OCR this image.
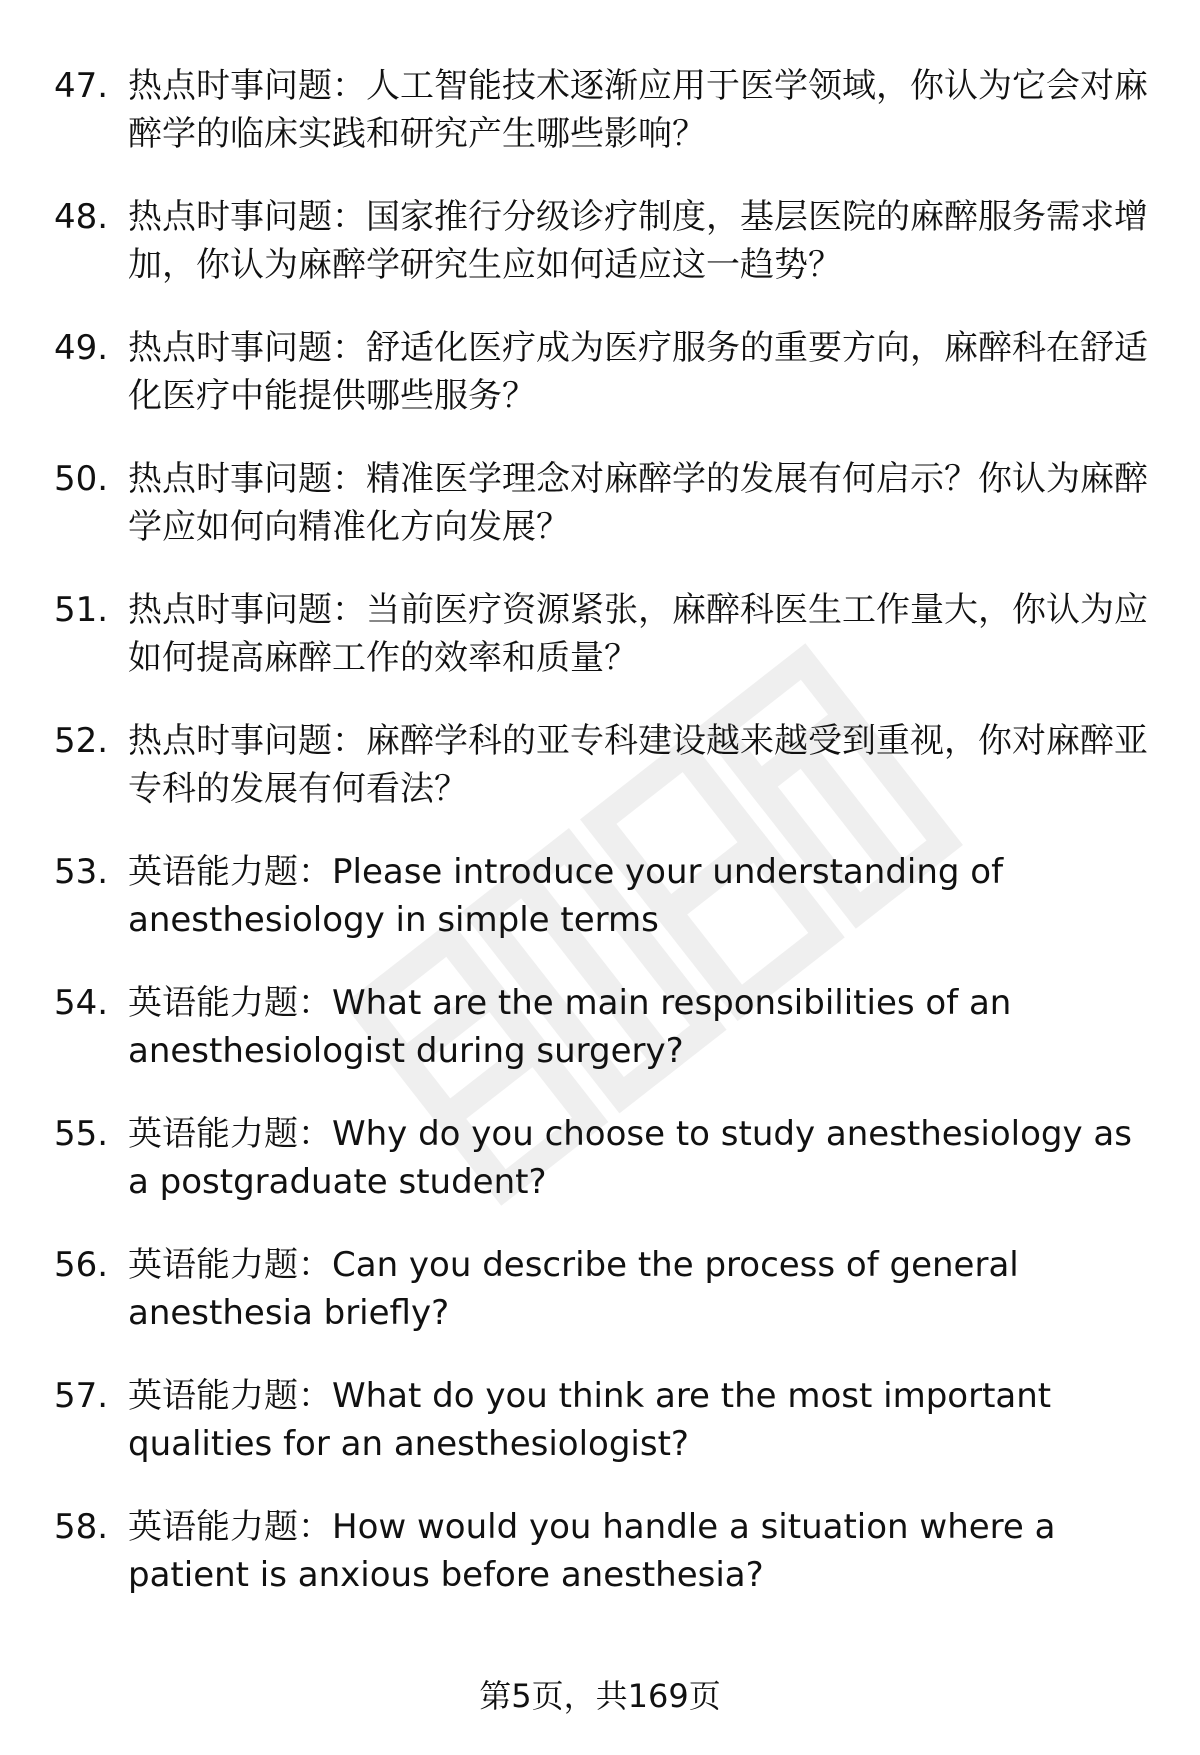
47. 热点时事问题：人工智能技术逐渐应用于医学领域，你认为它会对麻醉学的临床实践和研究产生哪些影响？
48. 热点时事问题：国家推行分级诊疗制度，基层医院的麻醉服务需求增加，你认为麻醉学研究生应如何适应这一趋势？
49. 热点时事问题：舒适化医疗成为医疗服务的重要方向，麻醉科在舒适化医疗中能提供哪些服务？
50. 热点时事问题：精准医学理念对麻醉学的发展有何启示？你认为麻醉学应如何向精准化方向发展？
51. 热点时事问题：当前医疗资源紧张，麻醉科医生工作量大，你认为应如何提高麻醉工作的效率和质量？
52. 热点时事问题：麻醉学科的亚专科建设越来越受到重视，你对麻醉亚专科的发展有何看法？
53. 英语能力题：Please introduce your understanding of anesthesiology in simple terms
54. 英语能力题：What are the main responsibilities of an anesthesiologist during surgery?
55. 英语能力题：Why do you choose to study anesthesiology as a postgraduate student?
56. 英语能力题：Can you describe the process of general anesthesia briefly?
57. 英语能力题：What do you think are the most important qualities for an anesthesiologist?
58. 英语能力题：How would you handle a situation where a patient is anxious before anesthesia?
第5页，共169页
